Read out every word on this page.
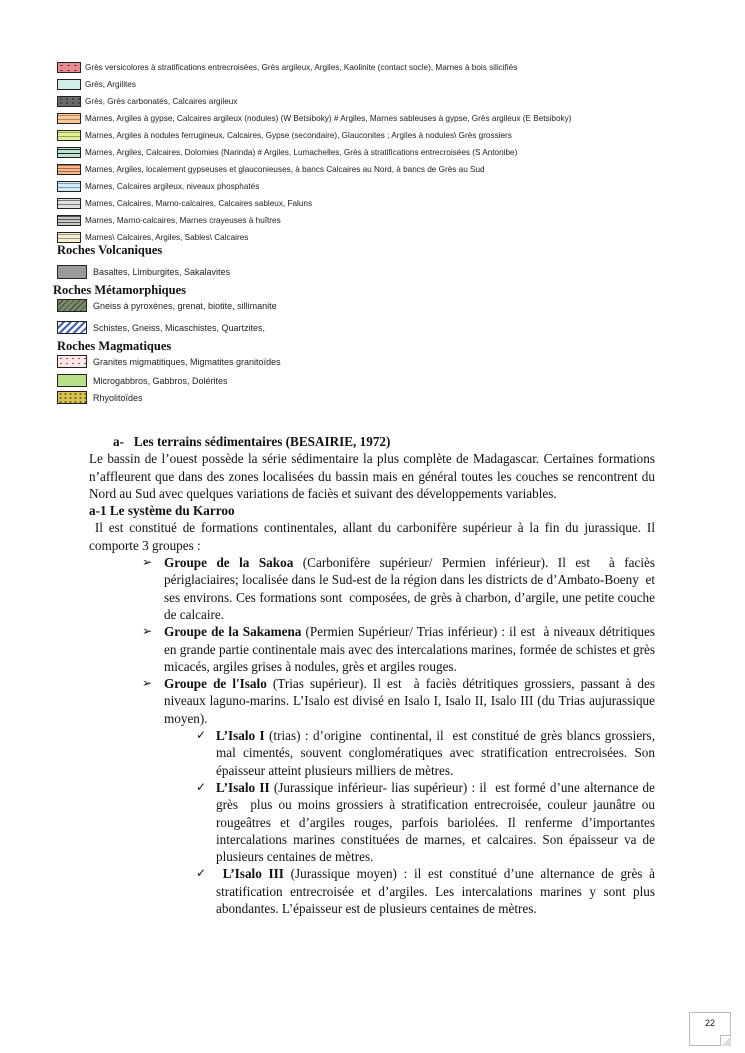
Grès versicolores à stratifications entrecroisées, Grès argileux, Argiles, Kaolinite (contact socle), Marnes à bois silicifiés
Grès, Argilites
Grès, Grès carbonatés, Calcaires argileux
Marnes, Argiles à gypse, Calcaires argileux (nodules) (W Betsiboky) # Argiles, Marnes sableuses à gypse, Grès argileux (E Betsiboky)
Marnes, Argiles à nodules ferrugineux, Calcaires, Gypse (secondaire), Glauconites ; Argiles à nodules\ Grès grossiers
Marnes, Argiles, Calcaires, Dolomies (Narinda) # Argiles, Lumachelles, Grès à stratifications entrecroisées (S Antonibe)
Marnes, Argiles, localement gypseuses et glauconieuses, à bancs Calcaires au Nord, à bancs de Grès au Sud
Marnes, Calcaires argileux, niveaux phosphatés
Marnes, Calcaires, Marno-calcaires, Calcaires sableux, Faluns
Marnes, Marno-calcaires, Marnes crayeuses à huîtres
Marnes\ Calcaires, Argiles, Sables\ Calcaires
Roches Volcaniques
Basaltes, Limburgites, Sakalavites
Roches Métamorphiques
Gneiss à pyroxènes, grenat, biotite, sillimanite
Schistes, Gneiss, Micaschistes, Quartzites,
Roches Magmatiques
Granites migmatitiques, Migmatites granitoïdes
Microgabbros, Gabbros, Dolérites
Rhyolitoïdes

a-   Les terrains sédimentaires (BESAIRIE, 1972)

Le bassin de l’ouest possède la série sédimentaire la plus complète de Madagascar. Certaines formations n’affleurent que dans des zones localisées du bassin mais en général toutes les couches se rencontrent du Nord au Sud avec quelques variations de faciès et suivant des développements variables.

a-1 Le système du Karroo

Il est constitué de formations continentales, allant du carbonifère supérieur à la fin du jurassique. Il comporte 3 groupes :

➢ Groupe de la Sakoa (Carbonifère supérieur/ Permien inférieur). Il est  à faciès périglaciaires; localisée dans le Sud-est de la région dans les districts de d’Ambato-Boeny  et ses environs. Ces formations sont  composées, de grès à charbon, d’argile, une petite couche de calcaire.

➢ Groupe de la Sakamena (Permien Supérieur/ Trias inférieur) : il est  à niveaux détritiques en grande partie continentale mais avec des intercalations marines, formée de schistes et grès micacés, argiles grises à nodules, grès et argiles rouges.

➢ Groupe de l'Isalo (Trias supérieur). Il est  à faciès détritiques grossiers, passant à des niveaux laguno-marins. L’Isalo est divisé en Isalo I, Isalo II, Isalo III (du Trias aujurassique moyen).

✓ L’Isalo I (trias) : d’origine  continental, il  est constitué de grès blancs grossiers, mal cimentés, souvent conglomératiques avec stratification entrecroisées. Son épaisseur atteint plusieurs milliers de mètres.

✓ L’Isalo II (Jurassique inférieur- lias supérieur) : il  est formé d’une alternance de grès  plus ou moins grossiers à stratification entrecroisée, couleur jaunâtre ou rougeâtres et d’argiles rouges, parfois bariolées. Il renferme d’importantes intercalations marines constituées de marnes, et calcaires. Son épaisseur va de plusieurs centaines de mètres.

✓ L’Isalo III (Jurassique moyen) : il est constitué d’une alternance de grès à stratification entrecroisée et d’argiles. Les intercalations marines y sont plus abondantes. L’épaisseur est de plusieurs centaines de mètres.

22
